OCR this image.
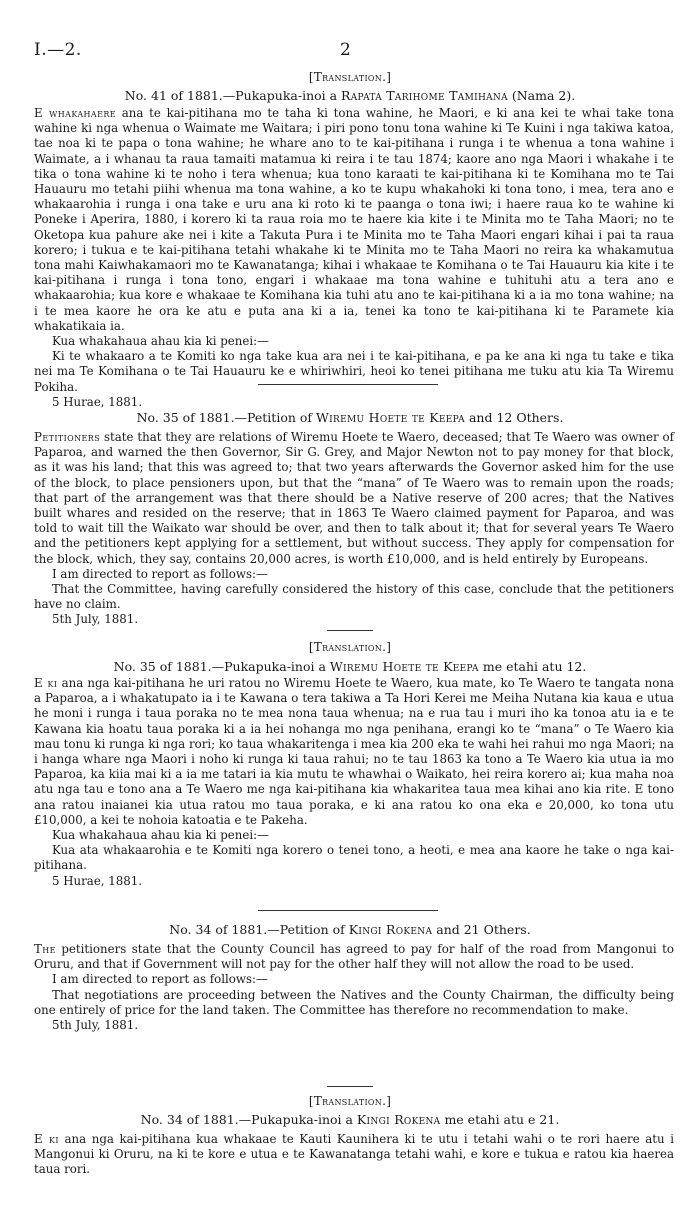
I.—2.	2
[Translation.]
No. 41 of 1881.—Pukapuka-inoi a Rapata Tarihome Tamihana (Nama 2).

E whakahaere ana te kai-pitihana mo te taha ki tona wahine, he Maori, e ki ana kei te whai take tona wahine ki nga whenua o Waimate me Waitara; i piri pono tonu tona wahine ki Te Kuini i nga takiwa katoa, tae noa ki te papa o tona wahine; he whare ano to te kai-pitihana i runga i te whenua a tona wahine i Waimate, a i whanau ta raua tamaiti matamua ki reira i te tau 1874; kaore ano nga Maori i whakahe i te tika o tona wahine ki te noho i tera whenua; kua tono karaati te kai-pitihana ki te Komihana mo te Tai Hauauru mo tetahi piihi whenua ma tona wahine, a ko te kupu whakahoki ki tona tono, i mea, tera ano e whakaarohia i runga i ona take e uru ana ki roto ki te paanga o tona iwi; i haere raua ko te wahine ki Poneke i Aperira, 1880, i korero ki ta raua roia mo te haere kia kite i te Minita mo te Taha Maori; no te Oketopa kua pahure ake nei i kite a Takuta Pura i te Minita mo te Taha Maori engari kihai i pai ta raua korero; i tukua e te kai-pitihana tetahi whakahe ki te Minita mo te Taha Maori no reira ka whakamutua tona mahi Kaiwhakamaori mo te Kawanatanga; kihai i whakaae te Komihana o te Tai Hauauru kia kite i te kai-pitihana i runga i tona tono, engari i whakaae ma tona wahine e tuhituhi atu a tera ano e whakaarohia; kua kore e whakaae te Komihana kia tuhi atu ano te kai-pitihana ki a ia mo tona wahine; na i te mea kaore he ora ke atu e puta ana ki a ia, tenei ka tono te kai-pitihana ki te Paramete kia whakatikaia ia.

Kua whakahaua ahau kia ki penei:—

Ki te whakaaro a te Komiti ko nga take kua ara nei i te kai-pitihana, e pa ke ana ki nga tu take e tika nei ma Te Komihana o te Tai Hauauru ke e whiriwhiri, heoi ko tenei pitihana me tuku atu kia Ta Wiremu Pokiha.

5 Hurae, 1881.

No. 35 of 1881.—Petition of Wiremu Hoete te Keepa and 12 Others.

Petitioners state that they are relations of Wiremu Hoete te Waero, deceased; that Te Waero was owner of Paparoa, and warned the then Governor, Sir G. Grey, and Major Newton not to pay money for that block, as it was his land; that this was agreed to; that two years afterwards the Governor asked him for the use of the block, to place pensioners upon, but that the “mana” of Te Waero was to remain upon the roads; that part of the arrangement was that there should be a Native reserve of 200 acres; that the Natives built whares and resided on the reserve; that in 1863 Te Waero claimed payment for Paparoa, and was told to wait till the Waikato war should be over, and then to talk about it; that for several years Te Waero and the petitioners kept applying for a settlement, but without success. They apply for compensation for the block, which, they say, contains 20,000 acres, is worth £10,000, and is held entirely by Europeans.

I am directed to report as follows:—

That the Committee, having carefully considered the history of this case, conclude that the petitioners have no claim.

5th July, 1881.

[Translation.]
No. 35 of 1881.—Pukapuka-inoi a Wiremu Hoete te Keepa me etahi atu 12.

E ki ana nga kai-pitihana he uri ratou no Wiremu Hoete te Waero, kua mate, ko Te Waero te tangata nona a Paparoa, a i whakatupato ia i te Kawana o tera takiwa a Ta Hori Kerei me Meiha Nutana kia kaua e utua he moni i runga i taua poraka no te mea nona taua whenua; na e rua tau i muri iho ka tonoa atu ia e te Kawana kia hoatu taua poraka ki a ia hei nohanga mo nga penihana, erangi ko te “mana” o Te Waero kia mau tonu ki runga ki nga rori; ko taua whakaritenga i mea kia 200 eka te wahi hei rahui mo nga Maori; na i hanga whare nga Maori i noho ki runga ki taua rahui; no te tau 1863 ka tono a Te Waero kia utua ia mo Paparoa, ka kiia mai ki a ia me tatari ia kia mutu te whawhai o Waikato, hei reira korero ai; kua maha noa atu nga tau e tono ana a Te Waero me nga kai-pitihana kia whakaritea taua mea kihai ano kia rite. E tono ana ratou inaianei kia utua ratou mo taua poraka, e ki ana ratou ko ona eka e 20,000, ko tona utu £10,000, a kei te nohoia katoatia e te Pakeha.

Kua whakahaua ahau kia ki penei:—

Kua ata whakaarohia e te Komiti nga korero o tenei tono, a heoti, e mea ana kaore he take o nga kai-pitihana.

5 Hurae, 1881.

No. 34 of 1881.—Petition of Kingi Rokena and 21 Others.

The petitioners state that the County Council has agreed to pay for half of the road from Mangonui to Oruru, and that if Government will not pay for the other half they will not allow the road to be used.

I am directed to report as follows:—

That negotiations are proceeding between the Natives and the County Chairman, the difficulty being one entirely of price for the land taken. The Committee has therefore no recommendation to make.

5th July, 1881.

[Translation.]
No. 34 of 1881.—Pukapuka-inoi a Kingi Rokena me etahi atu e 21.

E ki ana nga kai-pitihana kua whakaae te Kauti Kaunihera ki te utu i tetahi wahi o te rori haere atu i Mangonui ki Oruru, na ki te kore e utua e te Kawanatanga tetahi wahi, e kore e tukua e ratou kia haerea taua rori.
